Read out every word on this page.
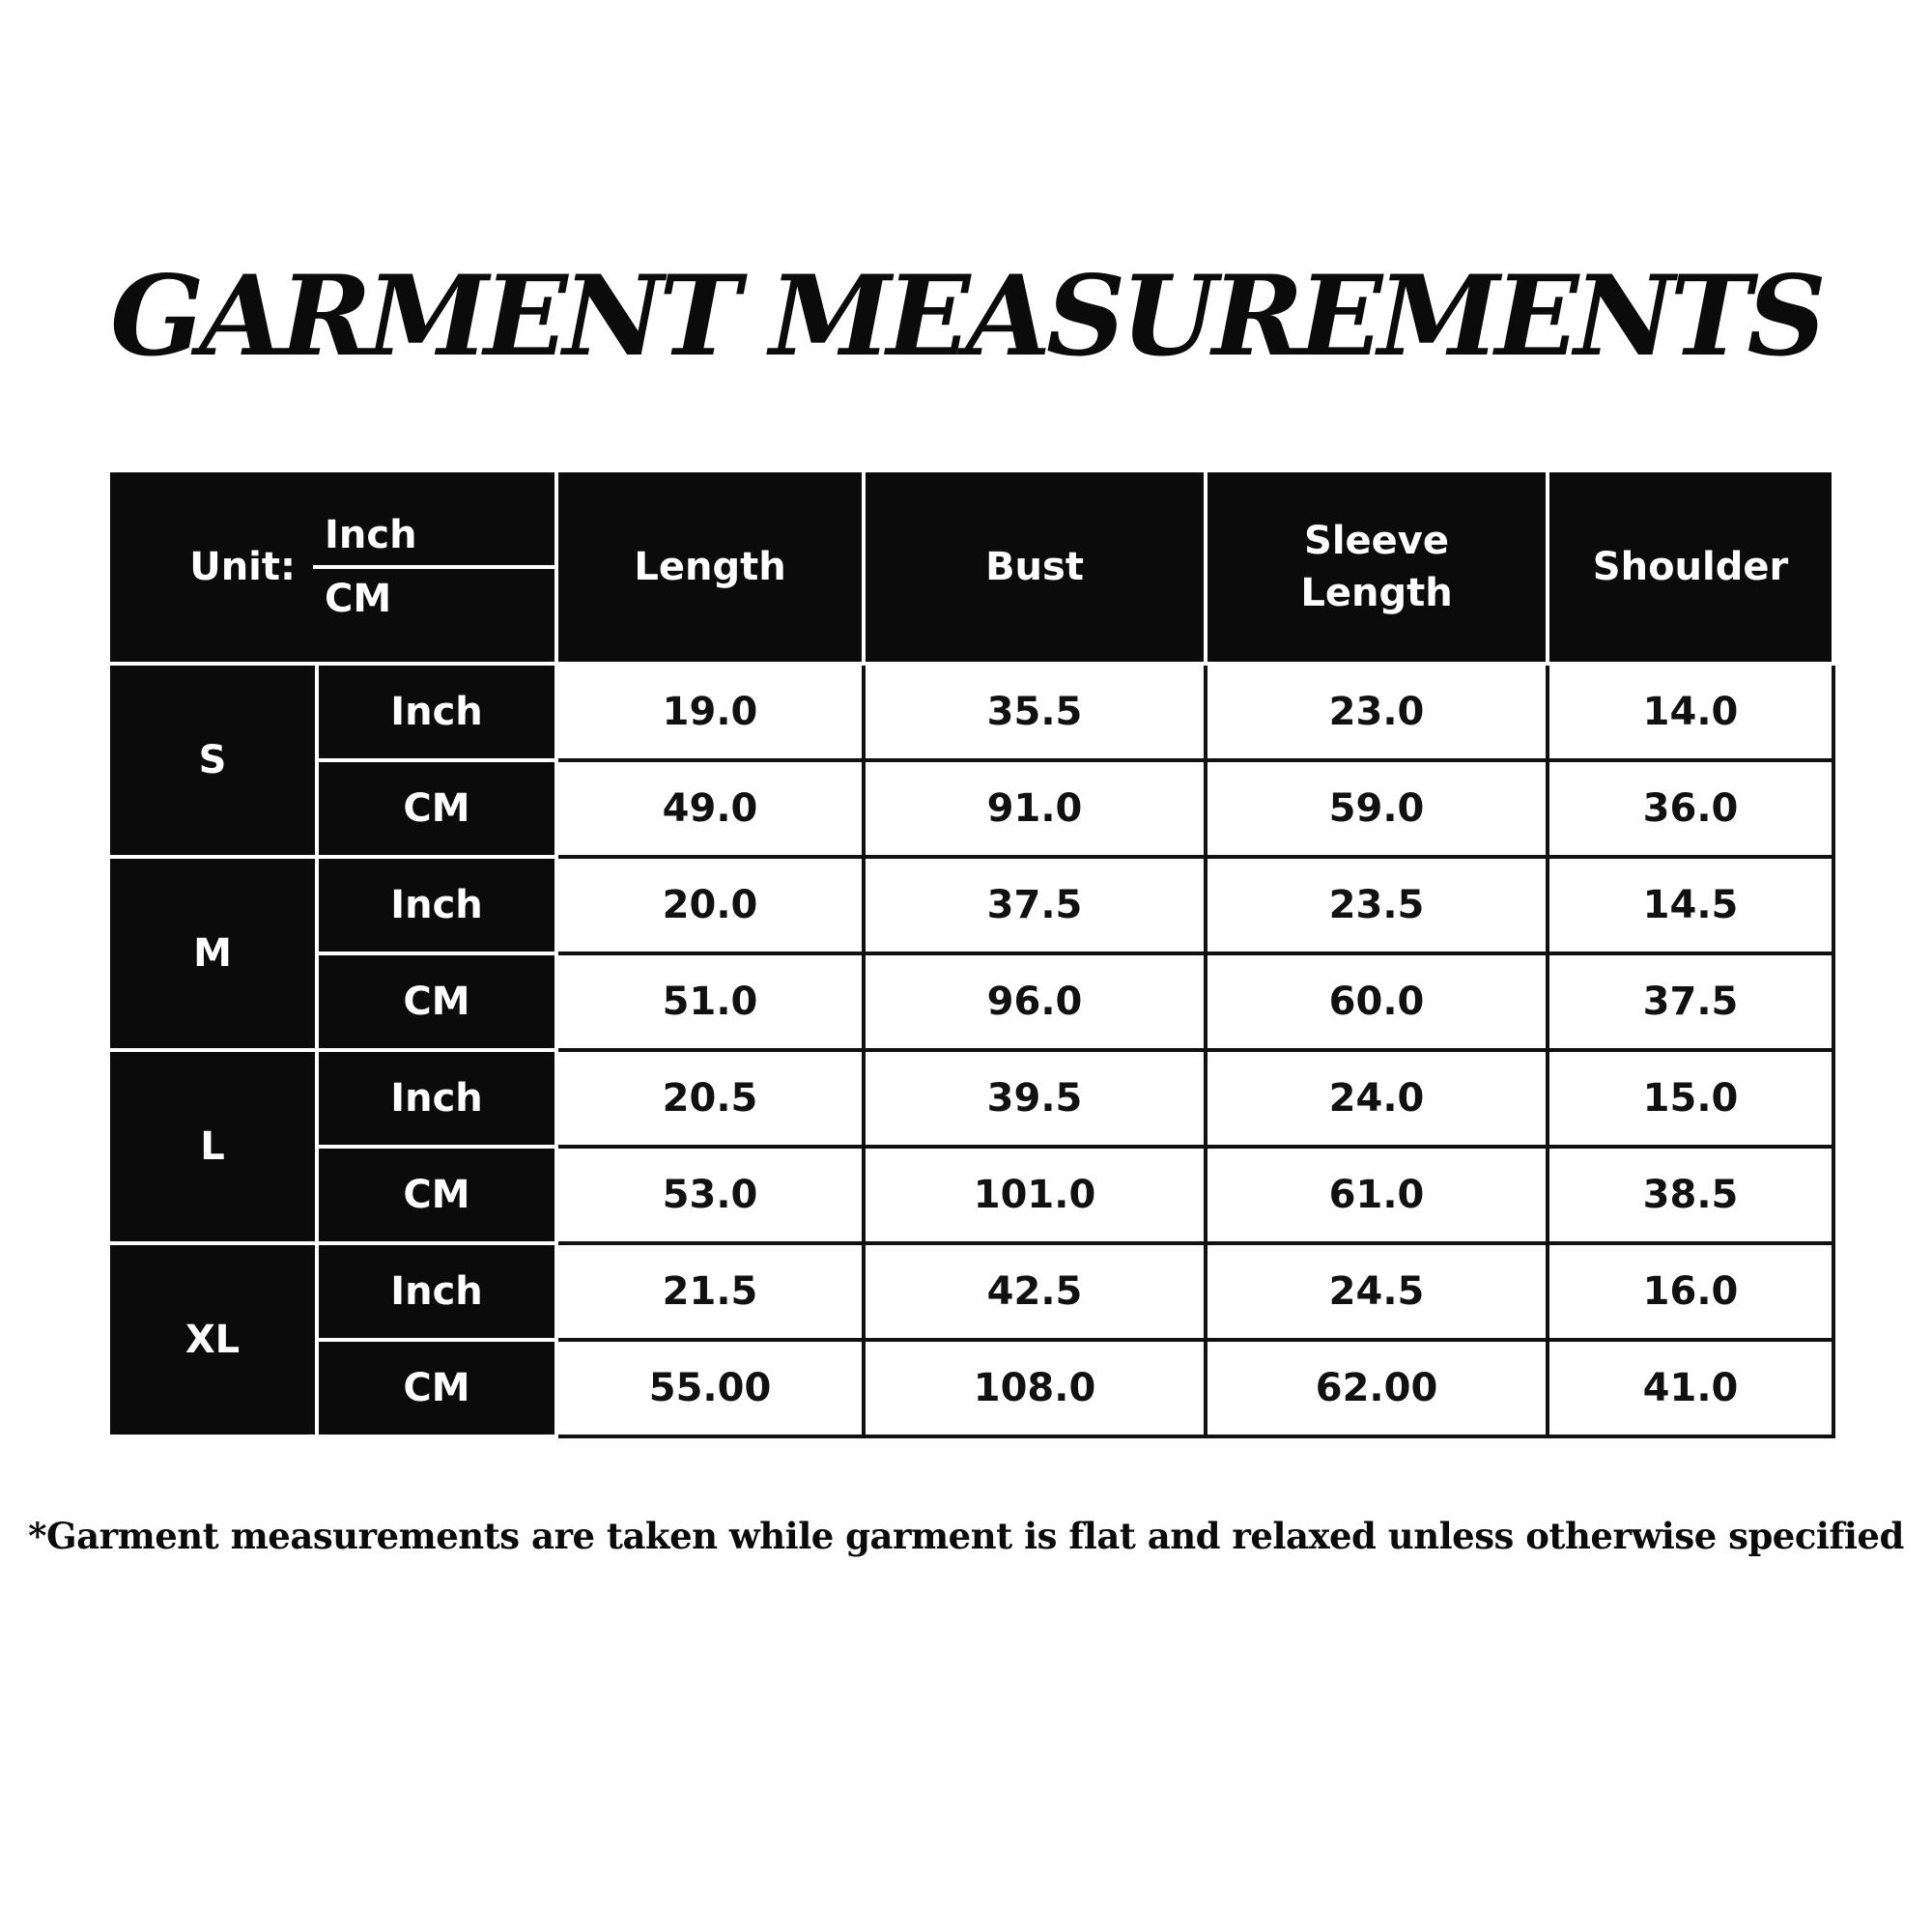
GARMENT MEASUREMENTS
Unit:
Inch
CM		Length	Bust	Sleeve Length	Shoulder
S	Inch	19.0	35.5	23.0	14.0
	CM	49.0	91.0	59.0	36.0
M	Inch	20.0	37.5	23.5	14.5
	CM	51.0	96.0	60.0	37.5
L	Inch	20.5	39.5	24.0	15.0
	CM	53.0	101.0	61.0	38.5
XL	Inch	21.5	42.5	24.5	16.0
	CM	55.00	108.0	62.00	41.0
*Garment measurements are taken while garment is flat and relaxed unless otherwise specified
